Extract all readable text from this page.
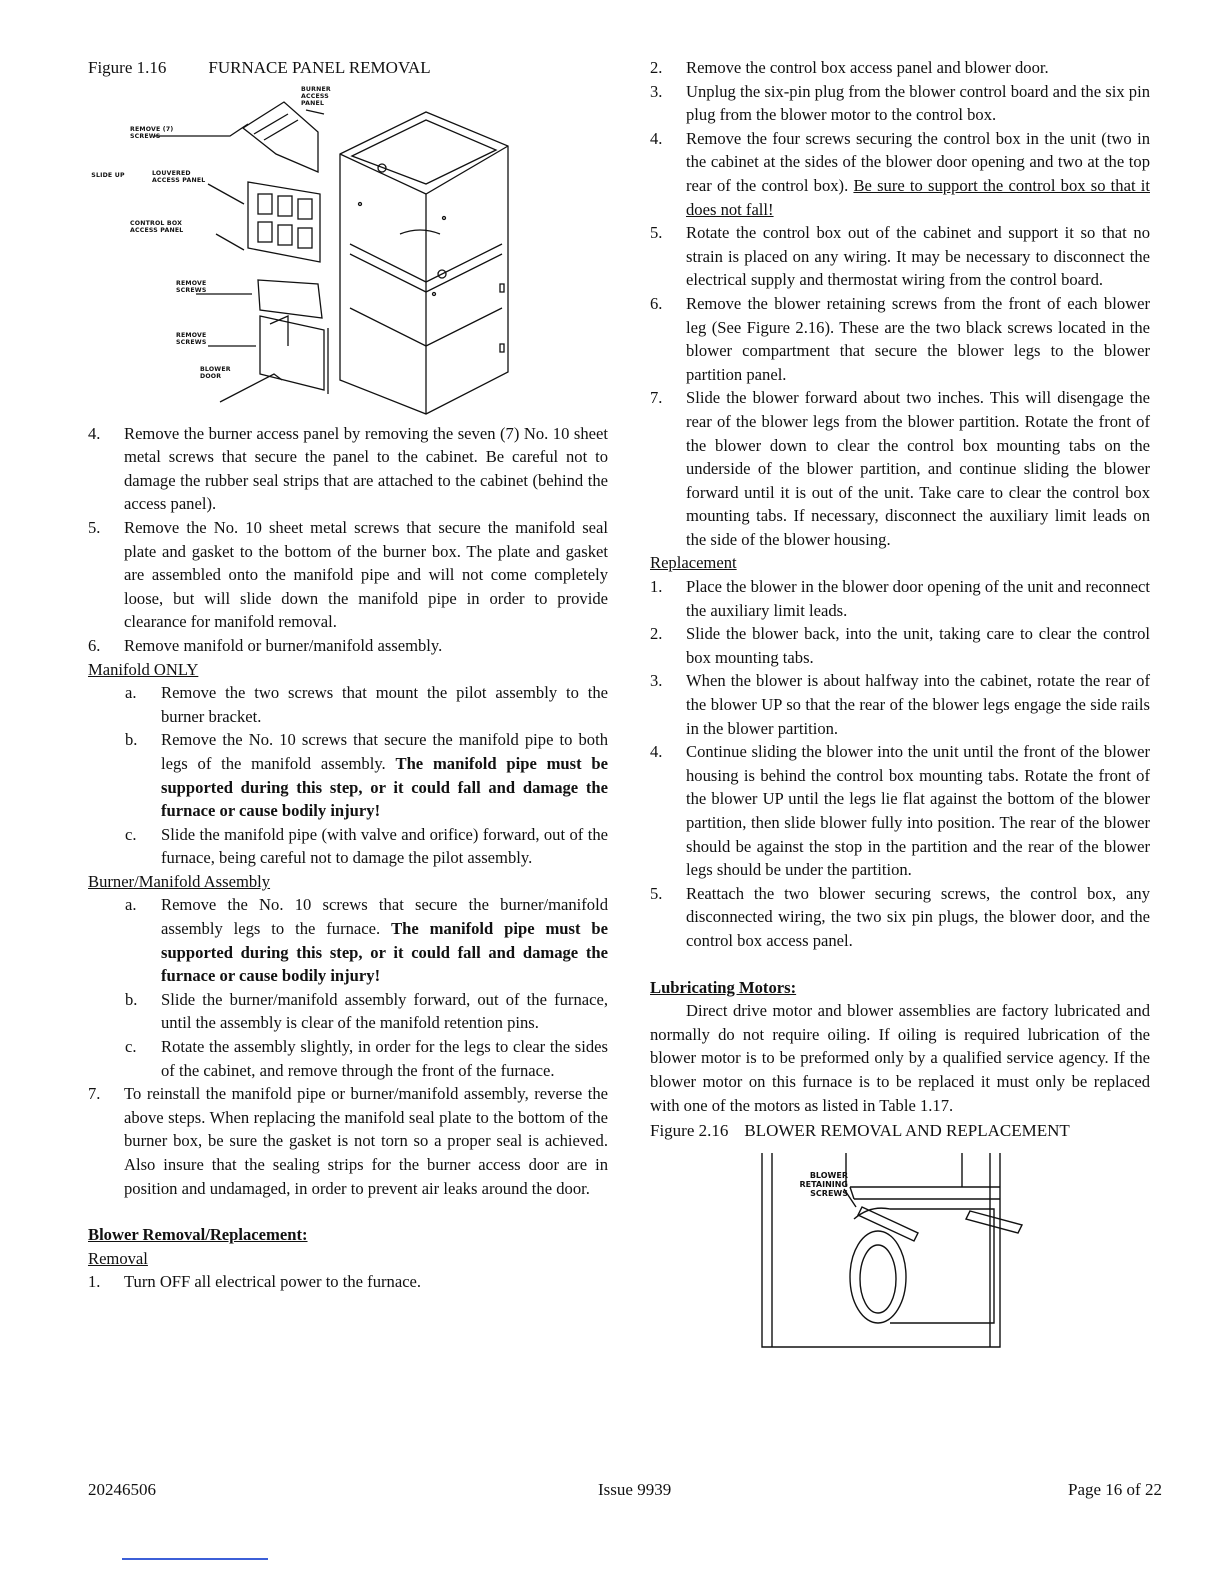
Figure 1.16 FURNACE PANEL REMOVAL
BURNER ACCESS PANEL
REMOVE (7) SCREWS
SLIDE UP	LOUVERED ACCESS PANEL
CONTROL BOX ACCESS PANEL
REMOVE SCREWS
REMOVE SCREWS
BLOWER DOOR
4.	Remove the burner access panel by removing the seven (7) No. 10 sheet metal screws that secure the panel to the cabinet. Be careful not to damage the rubber seal strips that are attached to the cabinet (behind the access panel).
5.	Remove the No. 10 sheet metal screws that secure the manifold seal plate and gasket to the bottom of the burner box. The plate and gasket are assembled onto the manifold pipe and will not come completely loose, but will slide down the manifold pipe in order to provide clearance for manifold removal.
6.	Remove manifold or burner/manifold assembly.
Manifold ONLY
a.	Remove the two screws that mount the pilot assembly to the burner bracket.
b.	Remove the No. 10 screws that secure the manifold pipe to both legs of the manifold assembly. The manifold pipe must be supported during this step, or it could fall and damage the furnace or cause bodily injury!
c.	Slide the manifold pipe (with valve and orifice) forward, out of the furnace, being careful not to damage the pilot assembly.
Burner/Manifold Assembly
a.	Remove the No. 10 screws that secure the burner/manifold assembly legs to the furnace. The manifold pipe must be supported during this step, or it could fall and damage the furnace or cause bodily injury!
b.	Slide the burner/manifold assembly forward, out of the furnace, until the assembly is clear of the manifold retention pins.
c.	Rotate the assembly slightly, in order for the legs to clear the sides of the cabinet, and remove through the front of the furnace.
7.	To reinstall the manifold pipe or burner/manifold assembly, reverse the above steps. When replacing the manifold seal plate to the bottom of the burner box, be sure the gasket is not torn so a proper seal is achieved. Also insure that the sealing strips for the burner access door are in position and undamaged, in order to prevent air leaks around the door.
Blower Removal/Replacement:
Removal
1.	Turn OFF all electrical power to the furnace.
2.	Remove the control box access panel and blower door.
3.	Unplug the six-pin plug from the blower control board and the six pin plug from the blower motor to the control box.
4.	Remove the four screws securing the control box in the unit (two in the cabinet at the sides of the blower door opening and two at the top rear of the control box). Be sure to support the control box so that it does not fall!
5.	Rotate the control box out of the cabinet and support it so that no strain is placed on any wiring. It may be necessary to disconnect the electrical supply and thermostat wiring from the control board.
6.	Remove the blower retaining screws from the front of each blower leg (See Figure 2.16). These are the two black screws located in the blower compartment that secure the blower legs to the blower partition panel.
7.	Slide the blower forward about two inches. This will disengage the rear of the blower legs from the blower partition. Rotate the front of the blower down to clear the control box mounting tabs on the underside of the blower partition, and continue sliding the blower forward until it is out of the unit. Take care to clear the control box mounting tabs. If necessary, disconnect the auxiliary limit leads on the side of the blower housing.
Replacement
1.	Place the blower in the blower door opening of the unit and reconnect the auxiliary limit leads.
2.	Slide the blower back, into the unit, taking care to clear the control box mounting tabs.
3.	When the blower is about halfway into the cabinet, rotate the rear of the blower UP so that the rear of the blower legs engage the side rails in the blower partition.
4.	Continue sliding the blower into the unit until the front of the blower housing is behind the control box mounting tabs. Rotate the front of the blower UP until the legs lie flat against the bottom of the blower partition, then slide blower fully into position. The rear of the blower should be against the stop in the partition and the rear of the blower legs should be under the partition.
5.	Reattach the two blower securing screws, the control box, any disconnected wiring, the two six pin plugs, the blower door, and the control box access panel.
Lubricating Motors:
Direct drive motor and blower assemblies are factory lubricated and normally do not require oiling. If oiling is required lubrication of the blower motor is to be preformed only by a qualified service agency. If the blower motor on this furnace is to be replaced it must only be replaced with one of the motors as listed in Table 1.17.
Figure 2.16 BLOWER REMOVAL AND REPLACEMENT
BLOWER RETAINING SCREWS
20246506	Issue 9939	Page 16 of 22
